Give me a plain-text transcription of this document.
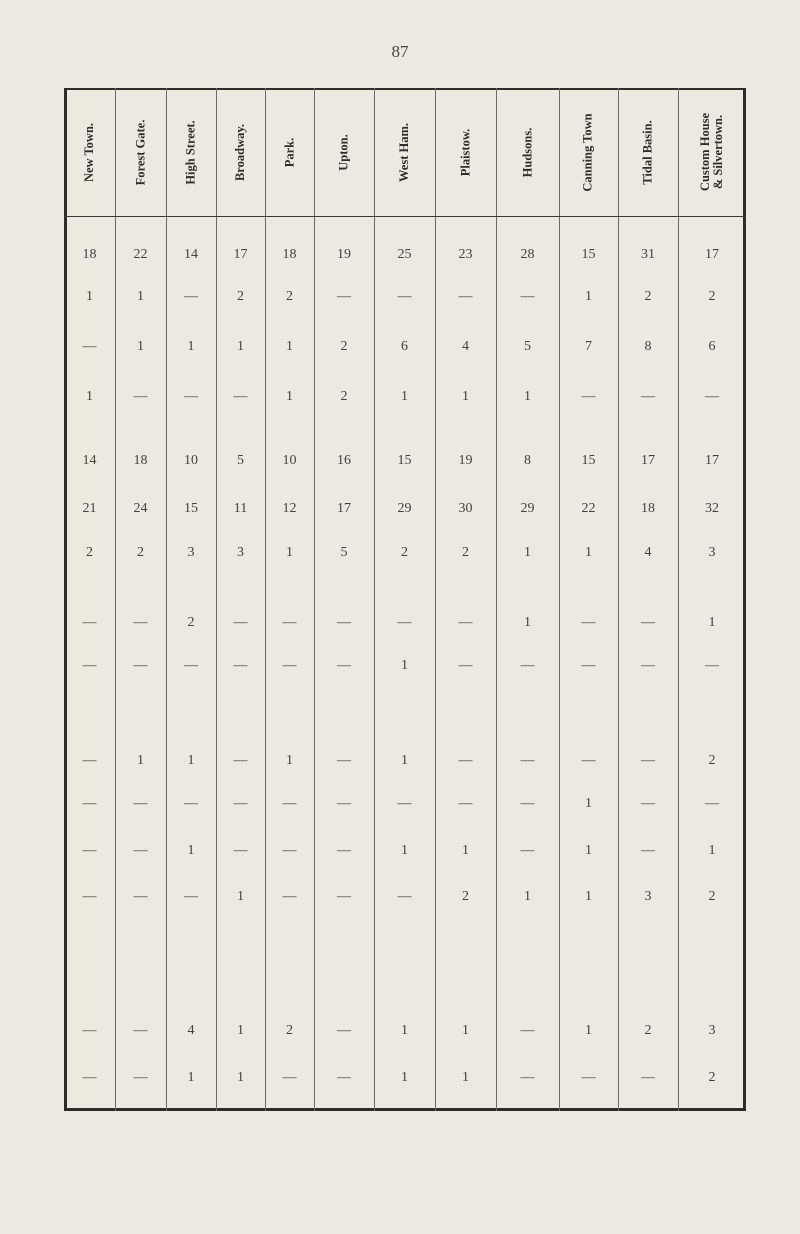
87
New Town.	Forest Gate.	High Street.	Broadway.	Park.	Upton.	West Ham.	Plaistow.	Hudsons.	Canning Town	Tidal Basin.	Custom House
& Silvertown.
18	22	14	17	18	19	25	23	28	15	31	17
1	1	—	2	2	—	—	—	—	1	2	2
—	1	1	1	1	2	6	4	5	7	8	6
1	—	—	—	1	2	1	1	1	—	—	—
14	18	10	5	10	16	15	19	8	15	17	17
21	24	15	11	12	17	29	30	29	22	18	32
2	2	3	3	1	5	2	2	1	1	4	3
—	—	2	—	—	—	—	—	1	—	—	1
—	—	—	—	—	—	1	—	—	—	—	—
—	1	1	—	1	—	1	—	—	—	—	2
—	—	—	—	—	—	—	—	—	1	—	—
—	—	1	—	—	—	1	1	—	1	—	1
—	—	—	1	—	—	—	2	1	1	3	2
—	—	4	1	2	—	1	1	—	1	2	3
—	—	1	1	—	—	1	1	—	—	—	2
